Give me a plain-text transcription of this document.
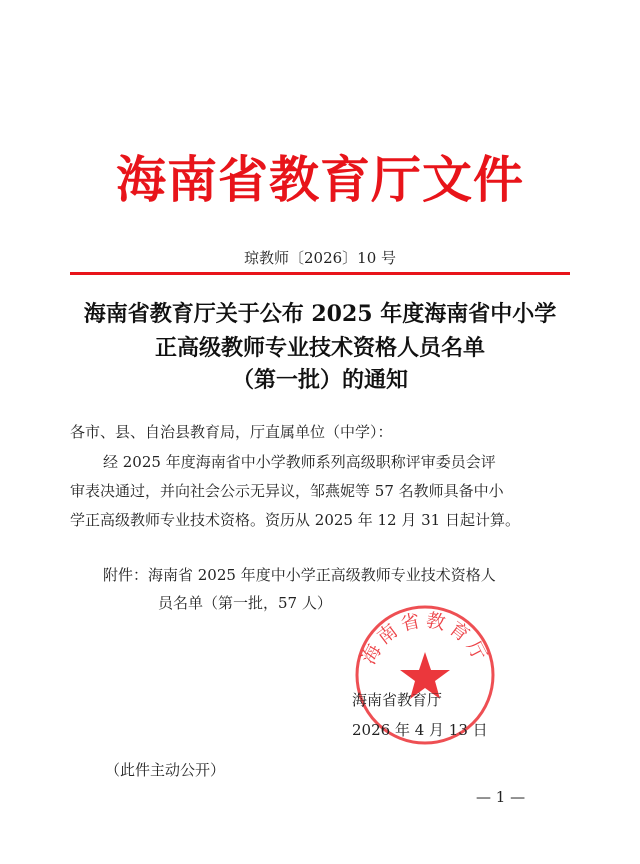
海南省教育厅文件
琼教师〔2026〕10 号
海南省教育厅关于公布 2025 年度海南省中小学
正高级教师专业技术资格人员名单
（第一批）的通知
各市、县、自治县教育局，厅直属单位（中学）：
经 2025 年度海南省中小学教师系列高级职称评审委员会评
审表决通过，并向社会公示无异议，邹燕妮等 57 名教师具备中小
学正高级教师专业技术资格。资历从 2025 年 12 月 31 日起计算。
附件：海南省 2025 年度中小学正高级教师专业技术资格人
员名单（第一批，57 人）
海南省教育厅
海南省教育厅
2026 年 4 月 13 日
（此件主动公开）
— 1 —
